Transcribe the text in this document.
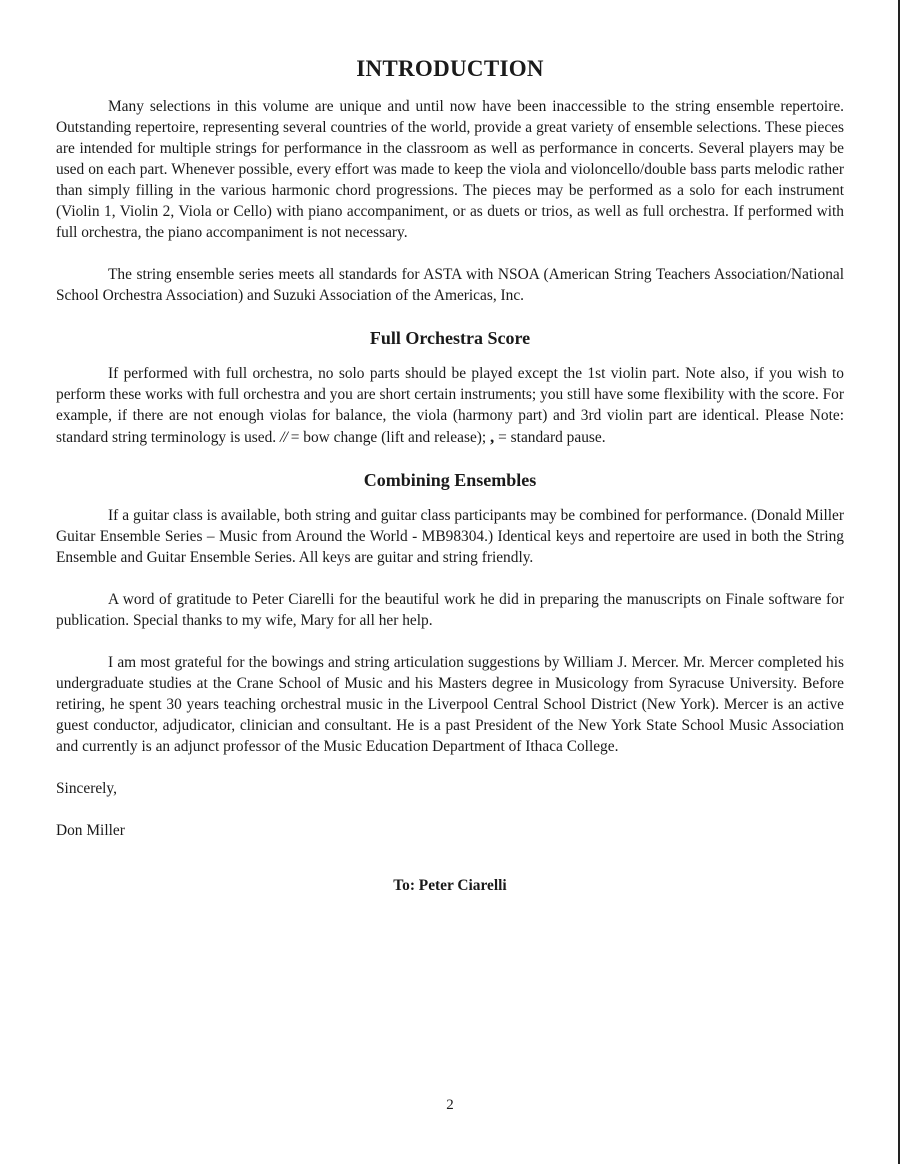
INTRODUCTION

Many selections in this volume are unique and until now have been inaccessible to the string ensemble repertoire. Outstanding repertoire, representing several countries of the world, provide a great variety of ensemble selections. These pieces are intended for multiple strings for performance in the classroom as well as performance in concerts. Several players may be used on each part. Whenever possible, every effort was made to keep the viola and violoncello/double bass parts melodic rather than simply filling in the various harmonic chord progressions. The pieces may be performed as a solo for each instrument (Violin 1, Violin 2, Viola or Cello) with piano accompaniment, or as duets or trios, as well as full orchestra. If performed with full orchestra, the piano accompaniment is not necessary.

The string ensemble series meets all standards for ASTA with NSOA (American String Teachers Association/National School Orchestra Association) and Suzuki Association of the Americas, Inc.

Full Orchestra Score

If performed with full orchestra, no solo parts should be played except the 1st violin part. Note also, if you wish to perform these works with full orchestra and you are short certain instruments; you still have some flexibility with the score. For example, if there are not enough violas for balance, the viola (harmony part) and 3rd violin part are identical. Please Note: standard string terminology is used. // = bow change (lift and release); , = standard pause.

Combining Ensembles

If a guitar class is available, both string and guitar class participants may be combined for performance. (Donald Miller Guitar Ensemble Series – Music from Around the World - MB98304.) Identical keys and repertoire are used in both the String Ensemble and Guitar Ensemble Series. All keys are guitar and string friendly.

A word of gratitude to Peter Ciarelli for the beautiful work he did in preparing the manuscripts on Finale software for publication. Special thanks to my wife, Mary for all her help.

I am most grateful for the bowings and string articulation suggestions by William J. Mercer. Mr. Mercer completed his undergraduate studies at the Crane School of Music and his Masters degree in Musicology from Syracuse University. Before retiring, he spent 30 years teaching orchestral music in the Liverpool Central School District (New York). Mercer is an active guest conductor, adjudicator, clinician and consultant. He is a past President of the New York State School Music Association and currently is an adjunct professor of the Music Education Department of Ithaca College.

Sincerely,

Don Miller

To: Peter Ciarelli
2
